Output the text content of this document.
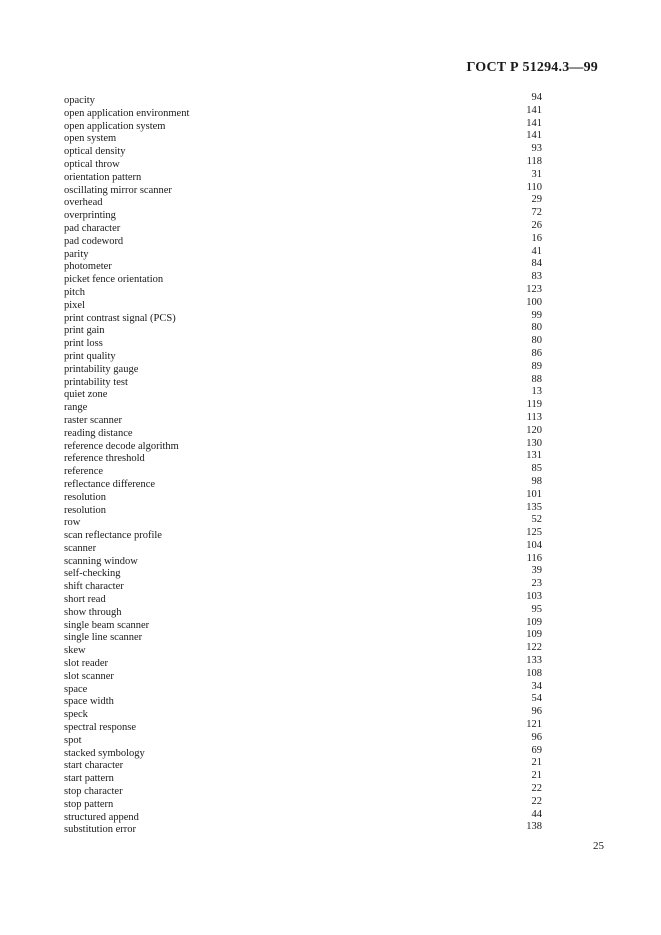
ГОСТ Р 51294.3—99
opacity	94
open application environment	141
open application system	141
open system	141
optical density	93
optical throw	118
orientation pattern	31
oscillating mirror scanner	110
overhead	29
overprinting	72
pad character	26
pad codeword	16
parity	41
photometer	84
picket fence orientation	83
pitch	123
pixel	100
print contrast signal (PCS)	99
print gain	80
print loss	80
print quality	86
printability gauge	89
printability test	88
quiet zone	13
range	119
raster scanner	113
reading distance	120
reference decode algorithm	130
reference threshold	131
reference	85
reflectance difference	98
resolution	101
resolution	135
row	52
scan reflectance profile	125
scanner	104
scanning window	116
self-checking	39
shift character	23
short read	103
show through	95
single beam scanner	109
single line scanner	109
skew	122
slot reader	133
slot scanner	108
space	34
space width	54
speck	96
spectral response	121
spot	96
stacked symbology	69
start character	21
start pattern	21
stop character	22
stop pattern	22
structured append	44
substitution error	138
25
